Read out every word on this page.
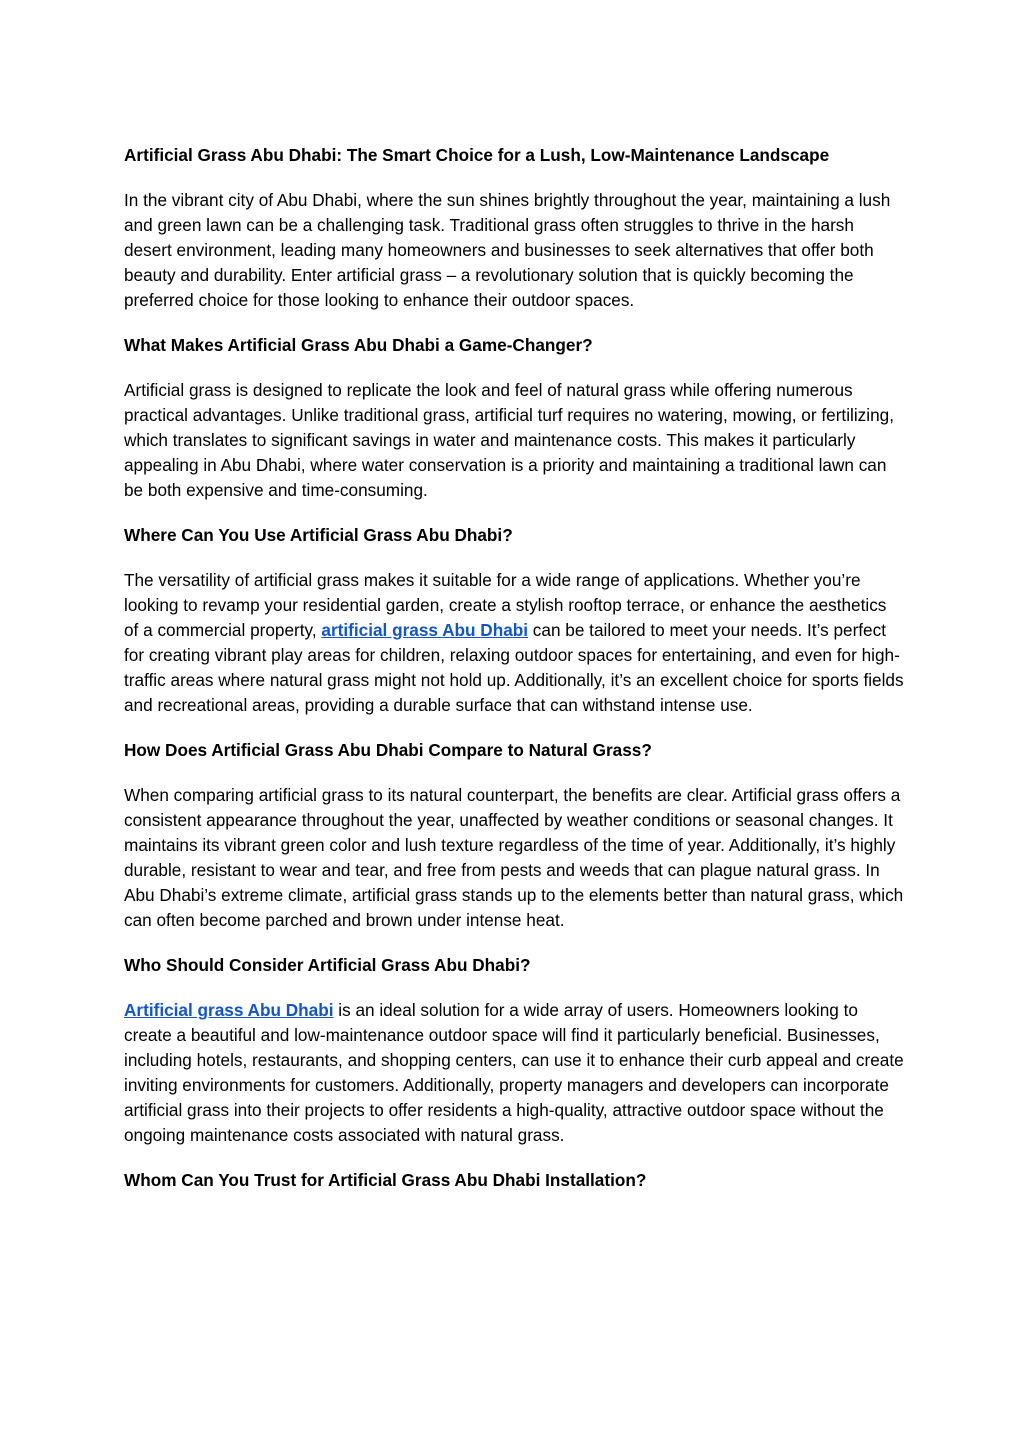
Artificial Grass Abu Dhabi: The Smart Choice for a Lush, Low-Maintenance Landscape

In the vibrant city of Abu Dhabi, where the sun shines brightly throughout the year, maintaining a lush and green lawn can be a challenging task. Traditional grass often struggles to thrive in the harsh desert environment, leading many homeowners and businesses to seek alternatives that offer both beauty and durability. Enter artificial grass – a revolutionary solution that is quickly becoming the preferred choice for those looking to enhance their outdoor spaces.

What Makes Artificial Grass Abu Dhabi a Game-Changer?

Artificial grass is designed to replicate the look and feel of natural grass while offering numerous practical advantages. Unlike traditional grass, artificial turf requires no watering, mowing, or fertilizing, which translates to significant savings in water and maintenance costs. This makes it particularly appealing in Abu Dhabi, where water conservation is a priority and maintaining a traditional lawn can be both expensive and time-consuming.

Where Can You Use Artificial Grass Abu Dhabi?

The versatility of artificial grass makes it suitable for a wide range of applications. Whether you’re looking to revamp your residential garden, create a stylish rooftop terrace, or enhance the aesthetics of a commercial property, artificial grass Abu Dhabi can be tailored to meet your needs. It’s perfect for creating vibrant play areas for children, relaxing outdoor spaces for entertaining, and even for high-traffic areas where natural grass might not hold up. Additionally, it’s an excellent choice for sports fields and recreational areas, providing a durable surface that can withstand intense use.

How Does Artificial Grass Abu Dhabi Compare to Natural Grass?

When comparing artificial grass to its natural counterpart, the benefits are clear. Artificial grass offers a consistent appearance throughout the year, unaffected by weather conditions or seasonal changes. It maintains its vibrant green color and lush texture regardless of the time of year. Additionally, it’s highly durable, resistant to wear and tear, and free from pests and weeds that can plague natural grass. In Abu Dhabi’s extreme climate, artificial grass stands up to the elements better than natural grass, which can often become parched and brown under intense heat.

Who Should Consider Artificial Grass Abu Dhabi?

Artificial grass Abu Dhabi is an ideal solution for a wide array of users. Homeowners looking to create a beautiful and low-maintenance outdoor space will find it particularly beneficial. Businesses, including hotels, restaurants, and shopping centers, can use it to enhance their curb appeal and create inviting environments for customers. Additionally, property managers and developers can incorporate artificial grass into their projects to offer residents a high-quality, attractive outdoor space without the ongoing maintenance costs associated with natural grass.

Whom Can You Trust for Artificial Grass Abu Dhabi Installation?
